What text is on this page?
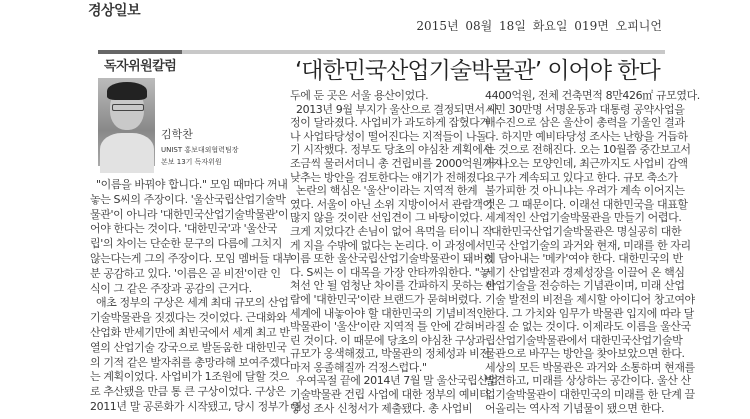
경상일보
2015년 08월 18일 화요일 019면 오피니언
독자위원칼럼	‘대한민국산업기술박물관’ 이어야 한다
김학찬
UNIST 홍보대외협력팀장
본보 13기 독자위원
"이름을 바꿔야 합니다." 모임 때마다 꺼내
놓는 S씨의 주장이다. '울산국립산업기술박
물관'이 아니라 '대한민국산업기술박물관'이
어야 한다는 것이다. '대한민국'과 '울산국
립'의 차이는 단순한 문구의 다름에 그치지
않는다는게 그의 주장이다. 모임 멤버들 대부
분 공감하고 있다. '이름은 곧 비전'이란 인
식이 그 같은 주장과 공감의 근거다.
애초 정부의 구상은 세계 최대 규모의 산업
기술박물관을 짓겠다는 것이었다. 근대화와
산업화 반세기만에 최빈국에서 세계 최고 반
열의 산업기술 강국으로 발돋움한 대한민국
의 기적 같은 발자취를 총망라해 보여주겠다
는 계획이었다. 사업비가 1조원에 달할 것으
로 추산됐을 만큼 통 큰 구상이었다. 구상은
2011년 말 공론화가 시작됐고, 당시 정부가 염
두에 둔 곳은 서울 용산이었다.
2013년 9월 부지가 울산으로 결정되면서 사
정이 달라졌다. 사업비가 과도하게 잡혔다거
나 사업타당성이 떨어진다는 지적들이 나돌
기 시작했다. 정부도 당초의 야심찬 계획에서
조금씩 물러서더니 총 건립비를 2000억원까지
낮추는 방안을 검토한다는 얘기가 전해졌다.
논란의 핵심은 '울산'이라는 지역적 한계
였다. 서울이 아닌 소위 지방이어서 관람객이
많지 않을 것이란 선입견이 그 바탕이었다.
크게 지었다간 손님이 없어 욕먹을 터이니 작
게 지을 수밖에 없다는 논리다. 이 과정에서
이름 또한 울산국립산업기술박물관이 돼버렸
다. S씨는 이 대목을 가장 안타까워한다. "놓
쳐선 안 될 엄청난 차이를 간파하지 못하는 바
람에 '대한민국'이란 브랜드가 묻혀버렸다.
세계에 내놓아야 할 대한민국의 기념비적인
박물관이 '울산'이란 지역적 틀 안에 갇혀버
린 것이다. 이 때문에 당초의 야심찬 구상과
규모가 옹색해졌고, 박물관의 정체성과 비전
마저 옹졸해질까 걱정스럽다."
우여곡절 끝에 2014년 7월 말 울산국립산업
기술박물관 건립 사업에 대한 정부의 예비타
당성 조사 신청서가 제출됐다. 총 사업비
4400억원, 전체 건축면적 8만426㎡ 규모였다.
시민 30만명 서명운동과 대통령 공약사업을
배수진으로 삼은 울산이 총력을 기울인 결과
다. 하지만 예비타당성 조사는 난항을 거듭하
는 것으로 전해진다. 오는 10월쯤 중간보고서
가 나오는 모양인데, 최근까지도 사업비 감액
요구가 계속되고 있다고 한다. 규모 축소가
불가피한 것 아니냐는 우려가 계속 이어지는
것은 그 때문이다. 이래선 대한민국을 대표할
세계적인 산업기술박물관을 만들기 어렵다.
대한민국산업기술박물관은 명실공히 대한
민국 산업기술의 과거와 현재, 미래를 한 자리
에 담아내는 '메카'여야 한다. 대한민국의 반
세기 산업발전과 경제성장을 이끌어 온 핵심
산업기술을 전승하는 기념관이며, 미래 산업
기술 발전의 비전을 제시할 아이디어 창고여야
한다. 그 가치와 임무가 박물관 입지에 따라 달
라질 순 없는 것이다. 이제라도 이름을 울산국
립산업기술박물관에서 대한민국산업기술박
물관으로 바꾸는 방안을 찾아보았으면 한다.
세상의 모든 박물관은 과거와 소통하며 현재를
발견하고, 미래를 상상하는 공간이다. 울산 산
업기술박물관이 대한민국의 미래를 한 단계 끌
어올리는 역사적 기념물이 됐으면 한다.
